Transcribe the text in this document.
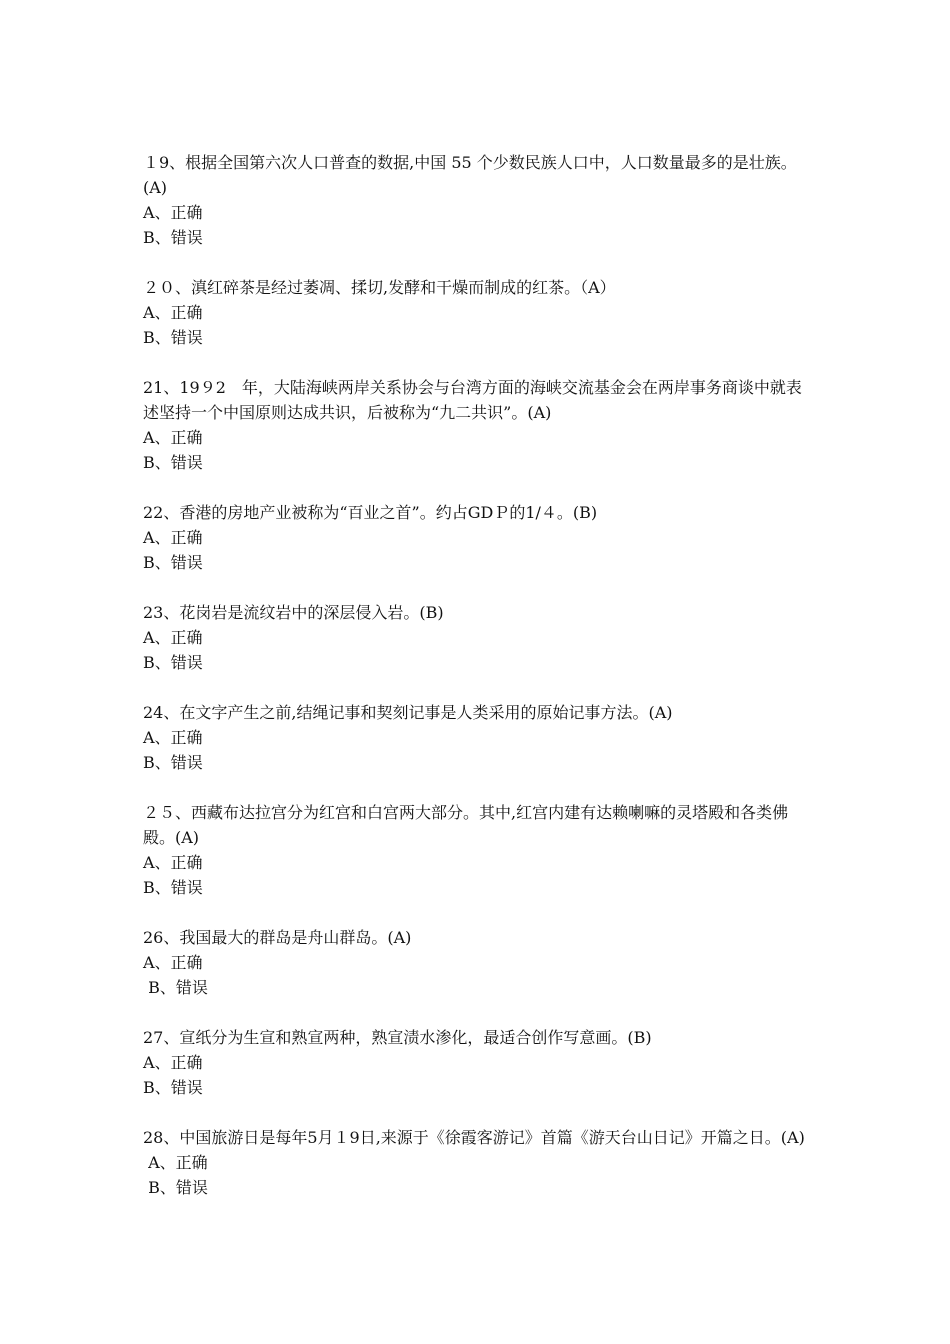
１9、根据全国第六次人口普查的数据,中国 55 个少数民族人口中，人口数量最多的是壮族。(A)

A、正确

B、错误

２０、滇红碎茶是经过萎凋、揉切,发酵和干燥而制成的红茶。（A）

A、正确

B、错误

21、19９2　年，大陆海峡两岸关系协会与台湾方面的海峡交流基金会在两岸事务商谈中就表述坚持一个中国原则达成共识，后被称为“九二共识”。(A)

A、正确

B、错误

22、香港的房地产业被称为“百业之首”。约占GDＰ的1/４。(B)

A、正确

B、错误

23、花岗岩是流纹岩中的深层侵入岩。(B)

A、正确

B、错误

24、在文字产生之前,结绳记事和契刻记事是人类采用的原始记事方法。(A)

A、正确

B、错误

２５、西藏布达拉宫分为红宫和白宫两大部分。其中,红宫内建有达赖喇嘛的灵塔殿和各类佛殿。(A)

A、正确

B、错误

26、我国最大的群岛是舟山群岛。(A)

A、正确

B、错误

27、宣纸分为生宣和熟宣两种，熟宣渍水渗化，最适合创作写意画。(B)

A、正确

B、错误

28、中国旅游日是每年5月１9日,来源于《徐霞客游记》首篇《游天台山日记》开篇之日。(A)

A、正确

B、错误
